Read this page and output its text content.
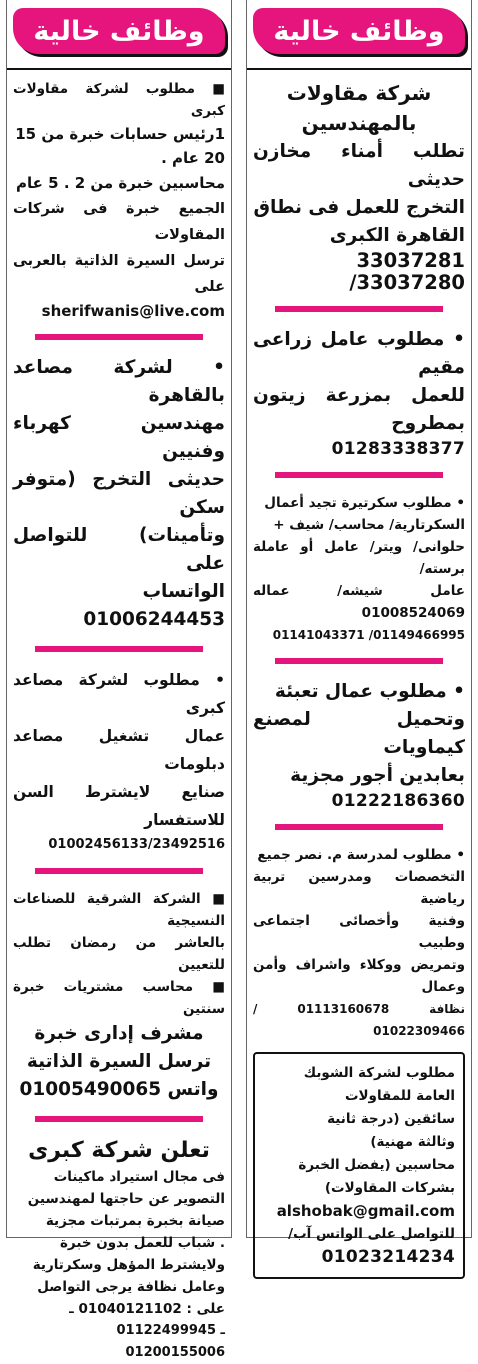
وظائف خالية

شركة مقاولات بالمهندسين

تطلب أمناء مخازن حديثى

التخرج للعمل فى نطاق

القاهرة الكبرى

33037281 /33037280

• مطلوب عامل زراعى مقيم

للعمل بمزرعة زيتون بمطروح

01283338377

• مطلوب سكرتيرة تجيد أعمال

السكرتارية/ محاسب/ شيف +

حلوانى/ ويتر/ عامل أو عاملة برسته/

عامل شيشه/ عماله 01008524069

01141043371 /01149466995

• مطلوب عمال تعبئة

وتحميل لمصنع كيماويات

بعابدين أجور مجزية

01222186360

• مطلوب لمدرسة م. نصر جميع

التخصصات ومدرسين تربية رياضية

وفنية وأخصائى اجتماعى وطبيب

وتمريض ووكلاء واشراف وأمن وعمال

نظافة 01113160678 / 01022309466

مطلوب لشركة الشوبك

العامة للمقاولات

سائقين (درجة ثانية

وثالثة مهنية)

محاسبين (يفضل الخبرة

بشركات المقاولات)

alshobak@gmail.com

للتواصل على الواتس آب/

01023214234

وظائف خالية

■ مطلوب لشركة مقاولات كبرى

1رئيس حسابات خبرة من 15

20 عام .

محاسبين خبرة من 2 . 5 عام

الجميع خبرة فى شركات المقاولات

ترسل السيرة الذاتية بالعربى على

sherifwanis@live.com

• لشركة مصاعد بالقاهرة

مهندسين كهرباء وفنيين

حديثى التخرج (متوفر سكن

وتأمينات) للتواصل على

الواتساب 01006244453

• مطلوب لشركة مصاعد كبرى

عمال تشغيل مصاعد دبلومات

صنايع لايشترط السن للاستفسار

01002456133/23492516

■ الشركة الشرقية للصناعات النسيجية

بالعاشر من رمضان تطلب للتعيين

■ محاسب مشتريات خبرة سنتين

مشرف إدارى خبرة

ترسل السيرة الذاتية

واتس 01005490065

تعلن شركة كبرى

فى مجال استيراد ماكينات

التصوير عن حاجتها لمهندسين

صيانة بخبرة بمرتبات مجزية

. شباب للعمل بدون خبرة

ولايشترط المؤهل وسكرتارية

وعامل نظافة يرجى التواصل

على : 01040121102 ـ

01122499945 ـ 01200155006
